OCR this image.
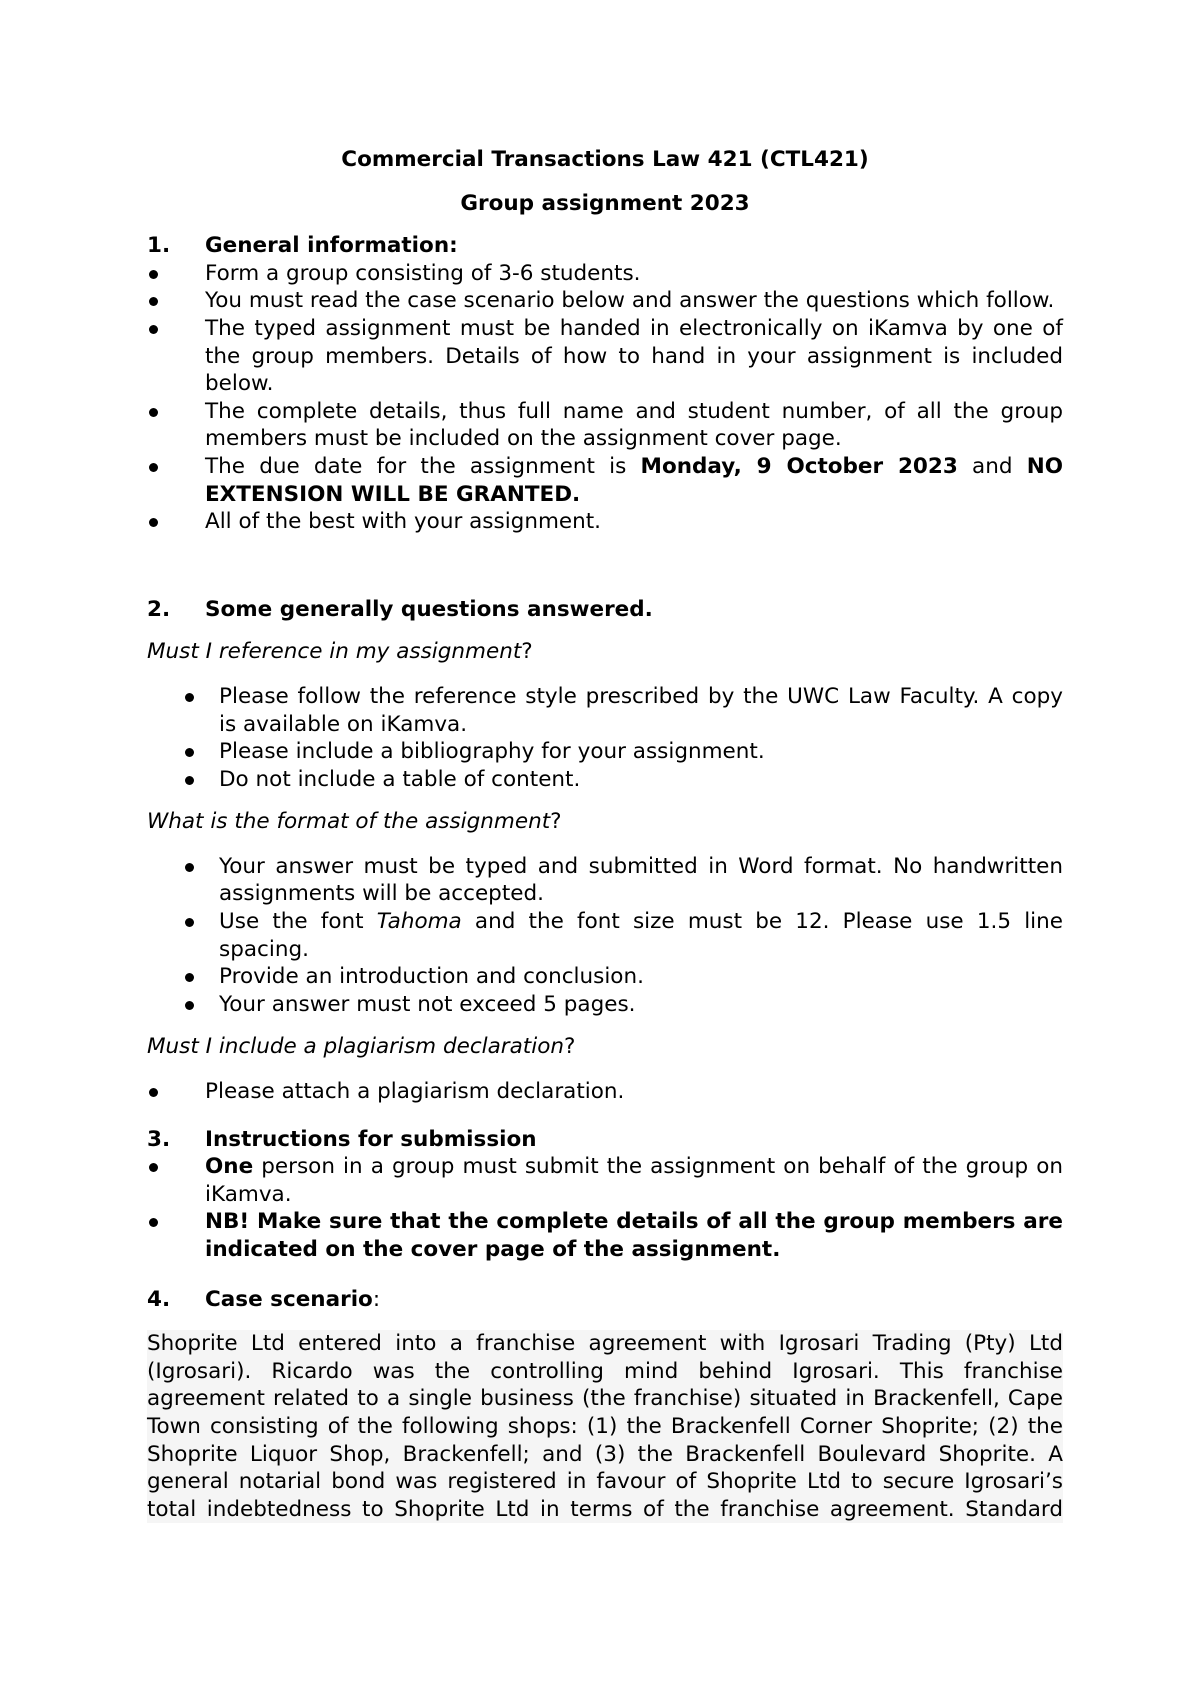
Commercial Transactions Law 421 (CTL421)

Group assignment 2023

1. General information:

Form a group consisting of 3-6 students.
You must read the case scenario below and answer the questions which follow.
The typed assignment must be handed in electronically on iKamva by one of the group members. Details of how to hand in your assignment is included below.
The complete details, thus full name and student number, of all the group members must be included on the assignment cover page.
The due date for the assignment is Monday, 9 October 2023 and NO EXTENSION WILL BE GRANTED.
All of the best with your assignment.

2. Some generally questions answered.

Must I reference in my assignment?

Please follow the reference style prescribed by the UWC Law Faculty. A copy is available on iKamva.
Please include a bibliography for your assignment.
Do not include a table of content.

What is the format of the assignment?

Your answer must be typed and submitted in Word format. No handwritten assignments will be accepted.
Use the font Tahoma and the font size must be 12. Please use 1.5 line spacing.
Provide an introduction and conclusion.
Your answer must not exceed 5 pages.

Must I include a plagiarism declaration?

Please attach a plagiarism declaration.

3. Instructions for submission

One person in a group must submit the assignment on behalf of the group on iKamva.
NB! Make sure that the complete details of all the group members are indicated on the cover page of the assignment.

4. Case scenario:

Shoprite Ltd entered into a franchise agreement with Igrosari Trading (Pty) Ltd
(Igrosari). Ricardo was the controlling mind behind Igrosari. This franchise
agreement related to a single business (the franchise) situated in Brackenfell, Cape
Town consisting of the following shops: (1) the Brackenfell Corner Shoprite; (2) the
Shoprite Liquor Shop, Brackenfell; and (3) the Brackenfell Boulevard Shoprite. A
general notarial bond was registered in favour of Shoprite Ltd to secure Igrosari’s
total indebtedness to Shoprite Ltd in terms of the franchise agreement. Standard
